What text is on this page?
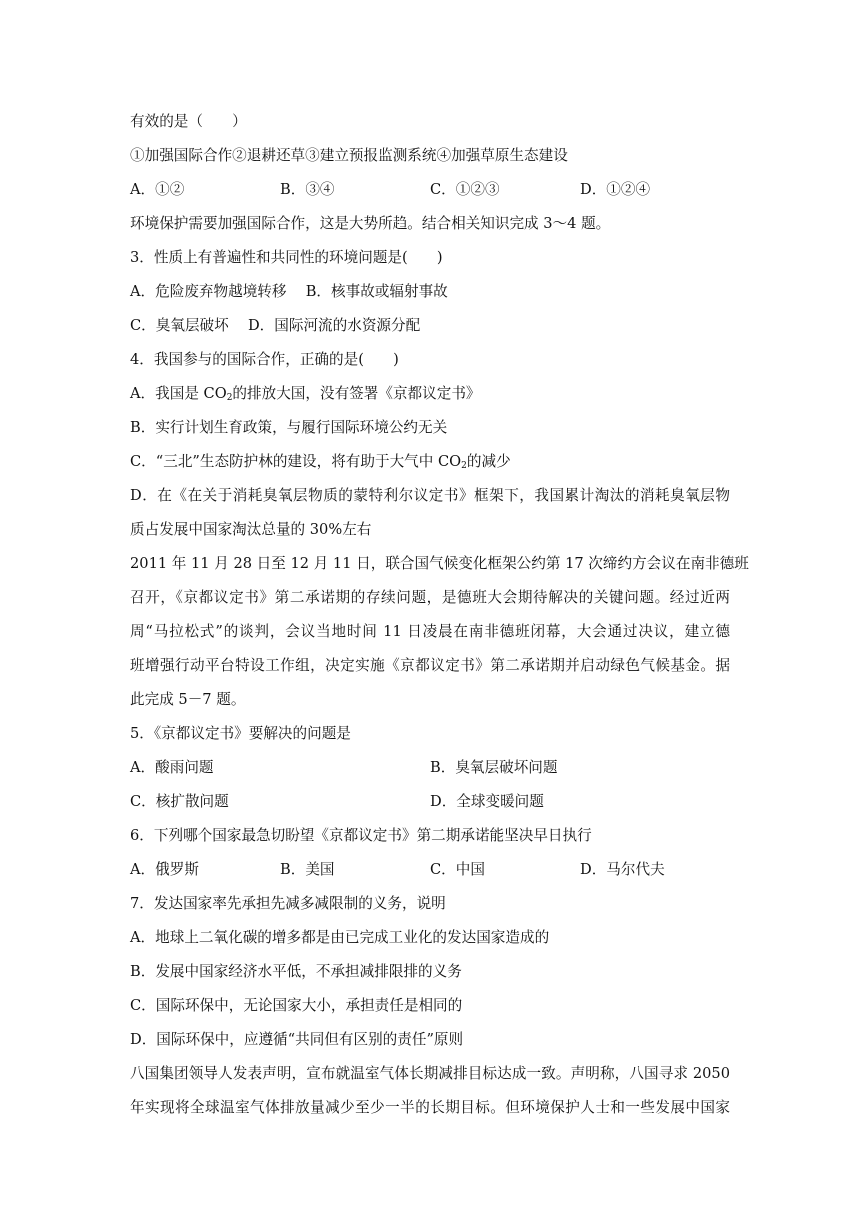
有效的是（　　）
①加强国际合作②退耕还草③建立预报监测系统④加强草原生态建设
A．①②	B．③④	C．①②③	D．①②④
环境保护需要加强国际合作，这是大势所趋。结合相关知识完成 3～4 题。
3．性质上有普遍性和共同性的环境问题是(　　)
A．危险废弃物越境转移　 B．核事故或辐射事故
C．臭氧层破坏　 D．国际河流的水资源分配
4．我国参与的国际合作，正确的是(　　)
A．我国是 $CO_2$的排放大国，没有签署《京都议定书》
B．实行计划生育政策，与履行国际环境公约无关
C．“三北”生态防护林的建设，将有助于大气中 $CO_2$的减少
D．在《在关于消耗臭氧层物质的蒙特利尔议定书》框架下，我国累计淘汰的消耗臭氧层物
质占发展中国家淘汰总量的 30%左右
2011 年 11 月 28 日至 12 月 11 日，联合国气候变化框架公约第 17 次缔约方会议在南非德班
召开，《京都议定书》第二承诺期的存续问题，是德班大会期待解决的关键问题。经过近两
周“马拉松式”的谈判，会议当地时间 11 日凌晨在南非德班闭幕，大会通过决议，建立德
班增强行动平台特设工作组，决定实施《京都议定书》第二承诺期并启动绿色气候基金。据
此完成 5－7 题。
5．《京都议定书》要解决的问题是
A．酸雨问题	B．臭氧层破坏问题
C．核扩散问题	D．全球变暖问题
6．下列哪个国家最急切盼望《京都议定书》第二期承诺能坚决早日执行
A．俄罗斯	B．美国	C．中国	D．马尔代夫
7．发达国家率先承担先减多减限制的义务，说明
A．地球上二氧化碳的增多都是由已完成工业化的发达国家造成的
B．发展中国家经济水平低，不承担减排限排的义务
C．国际环保中，无论国家大小，承担责任是相同的
D．国际环保中，应遵循“共同但有区别的责任”原则
八国集团领导人发表声明，宣布就温室气体长期减排目标达成一致。声明称，八国寻求 2050
年实现将全球温室气体排放量减少至少一半的长期目标。但环境保护人士和一些发展中国家
